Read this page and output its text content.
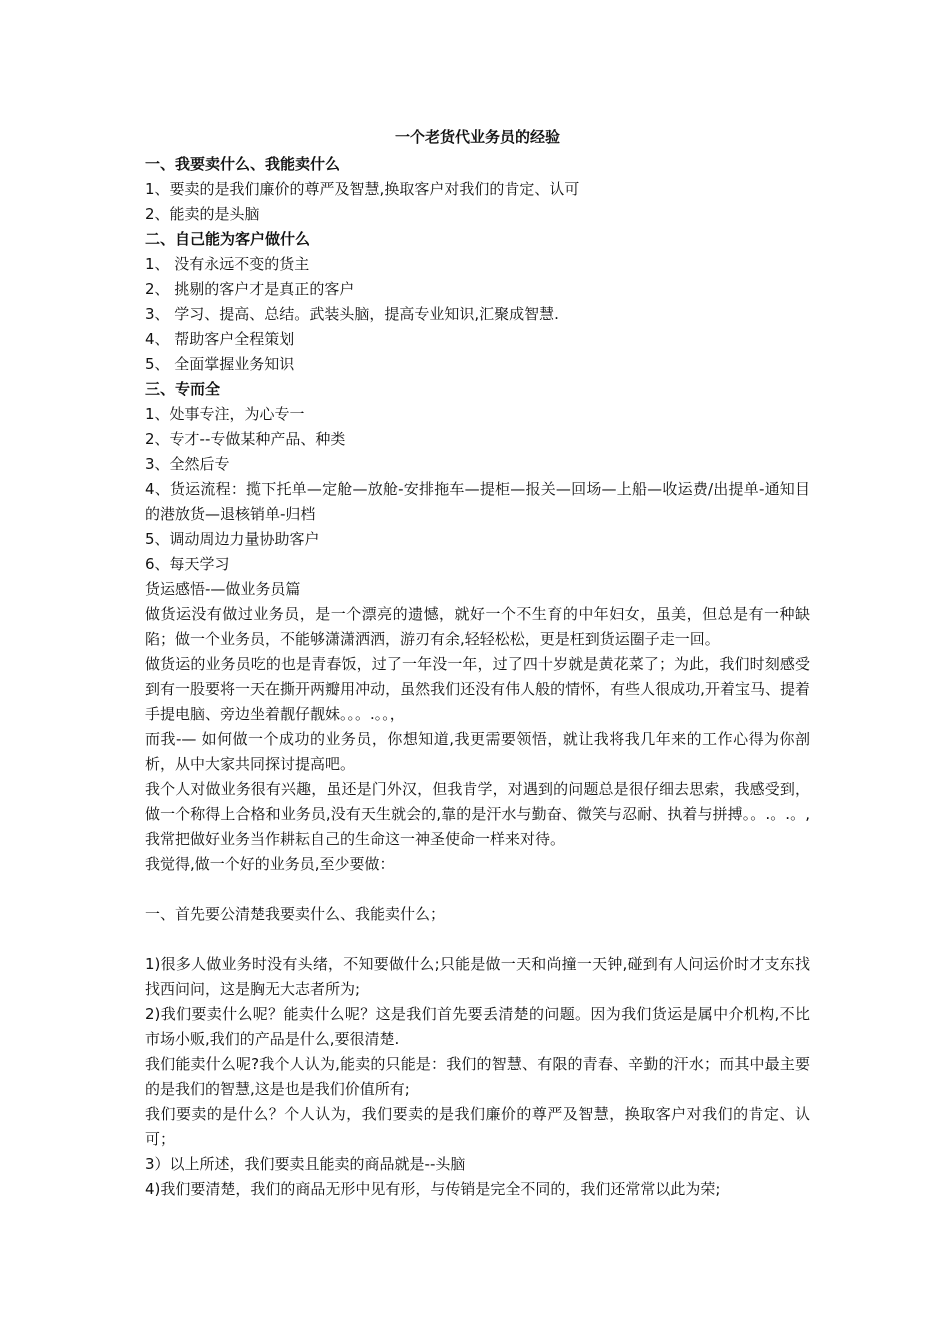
一个老货代业务员的经验
一、我要卖什么、我能卖什么

1、要卖的是我们廉价的尊严及智慧,换取客户对我们的肯定、认可

2、能卖的是头脑

二、自己能为客户做什么

1、 没有永远不变的货主

2、 挑剔的客户才是真正的客户

3、 学习、提高、总结。武装头脑，提高专业知识,汇聚成智慧.

4、 帮助客户全程策划

5、 全面掌握业务知识

三、专而全

1、处事专注，为心专一

2、专才--专做某种产品、种类

3、全然后专

4、货运流程：揽下托单—定舱—放舱-安排拖车—提柜—报关—回场—上船—收运费/出提单-通知目的港放货—退核销单-归档

5、调动周边力量协助客户

6、每天学习

货运感悟-—做业务员篇

做货运没有做过业务员，是一个漂亮的遗憾，就好一个不生育的中年妇女，虽美，但总是有一种缺陷；做一个业务员，不能够潇潇洒洒，游刃有余,轻轻松松，更是枉到货运圈子走一回。

做货运的业务员吃的也是青春饭，过了一年没一年，过了四十岁就是黄花菜了；为此，我们时刻感受到有一股要将一天在撕开两瓣用冲动，虽然我们还没有伟人般的情怀，有些人很成功,开着宝马、提着手提电脑、旁边坐着靓仔靓妹。。。.。。，

而我-— 如何做一个成功的业务员，你想知道,我更需要领悟，就让我将我几年来的工作心得为你剖析，从中大家共同探讨提高吧。

我个人对做业务很有兴趣，虽还是门外汉，但我肯学，对遇到的问题总是很仔细去思索，我感受到，做一个称得上合格和业务员,没有天生就会的,靠的是汗水与勤奋、微笑与忍耐、执着与拼搏。。.。.。,我常把做好业务当作耕耘自己的生命这一神圣使命一样来对待。

我觉得,做一个好的业务员,至少要做：

一、首先要公清楚我要卖什么、我能卖什么；

1)很多人做业务时没有头绪，不知要做什么;只能是做一天和尚撞一天钟,碰到有人问运价时才支东找找西问问，这是胸无大志者所为;

2)我们要卖什么呢？能卖什么呢？这是我们首先要丢清楚的问题。因为我们货运是属中介机构,不比市场小贩,我们的产品是什么,要很清楚.

我们能卖什么呢?我个人认为,能卖的只能是：我们的智慧、有限的青春、辛勤的汗水；而其中最主要的是我们的智慧,这是也是我们价值所有;

我们要卖的是什么？个人认为，我们要卖的是我们廉价的尊严及智慧，换取客户对我们的肯定、认可；

3）以上所述，我们要卖且能卖的商品就是--头脑

4)我们要清楚，我们的商品无形中见有形，与传销是完全不同的，我们还常常以此为荣;
